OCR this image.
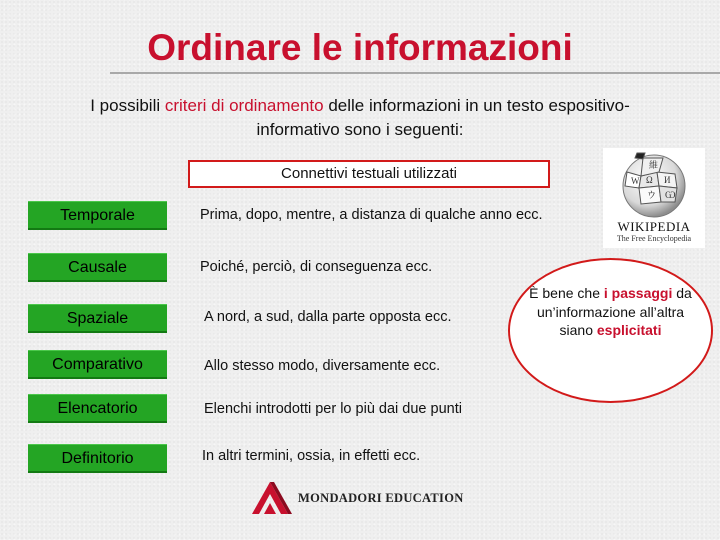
Ordinare le informazioni
I possibili criteri di ordinamento delle informazioni in un testo espositivo-informativo sono i seguenti:
Connettivi testuali utilizzati
Temporale	Prima, dopo, mentre, a distanza di qualche anno ecc.
Causale	Poiché, perciò, di conseguenza ecc.
Spaziale	A nord, a sud, dalla parte opposta ecc.
Comparativo	Allo stesso modo, diversamente ecc.
Elencatorio	Elenchi introdotti per lo più dai due punti
Definitorio	In altri termini, ossia, in effetti ecc.
È bene che i passaggi da un’informazione all’altra siano esplicitati
W Ω И
ウ Ѡ
維
WIKIPEDIA
The Free Encyclopedia
MONDADORI EDUCATION
